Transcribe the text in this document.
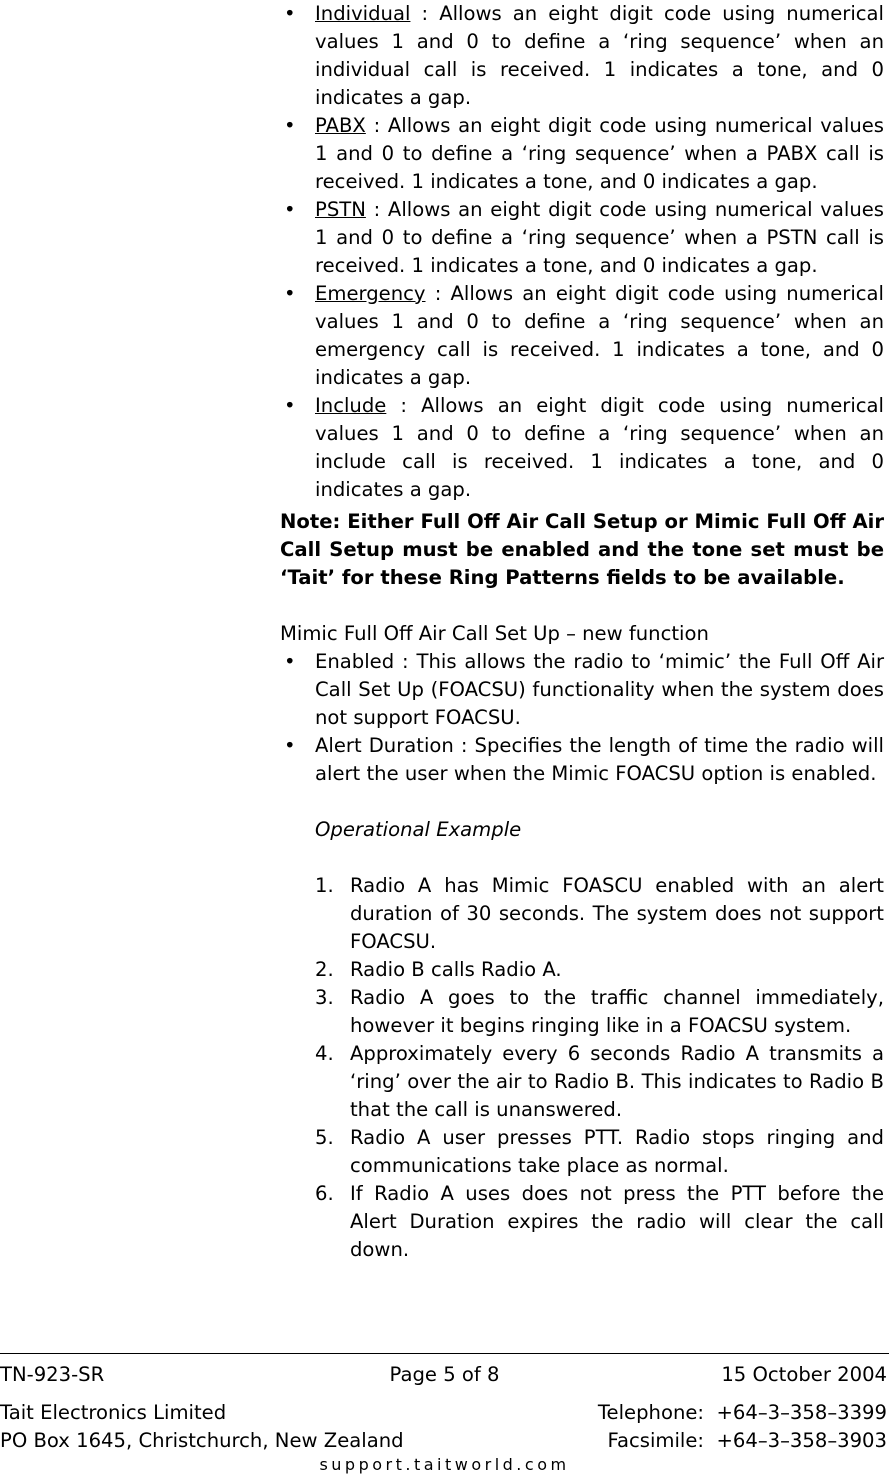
• Individual : Allows an eight digit code using numerical values 1 and 0 to define a ‘ring sequence’ when an individual call is received. 1 indicates a tone, and 0 indicates a gap.
• PABX : Allows an eight digit code using numerical values 1 and 0 to define a ‘ring sequence’ when a PABX call is received. 1 indicates a tone, and 0 indicates a gap.
• PSTN : Allows an eight digit code using numerical values 1 and 0 to define a ‘ring sequence’ when a PSTN call is received. 1 indicates a tone, and 0 indicates a gap.
• Emergency : Allows an eight digit code using numerical values 1 and 0 to define a ‘ring sequence’ when an emergency call is received. 1 indicates a tone, and 0 indicates a gap.
• Include : Allows an eight digit code using numerical values 1 and 0 to define a ‘ring sequence’ when an include call is received. 1 indicates a tone, and 0 indicates a gap.
Note: Either Full Off Air Call Setup or Mimic Full Off Air Call Setup must be enabled and the tone set must be ‘Tait’ for these Ring Patterns fields to be available.
Mimic Full Off Air Call Set Up – new function
• Enabled : This allows the radio to ‘mimic’ the Full Off Air Call Set Up (FOACSU) functionality when the system does not support FOACSU.
• Alert Duration : Specifies the length of time the radio will alert the user when the Mimic FOACSU option is enabled.
Operational Example
1. Radio A has Mimic FOASCU enabled with an alert duration of 30 seconds. The system does not support FOACSU.
2. Radio B calls Radio A.
3. Radio A goes to the traffic channel immediately, however it begins ringing like in a FOACSU system.
4. Approximately every 6 seconds Radio A transmits a ‘ring’ over the air to Radio B. This indicates to Radio B that the call is unanswered.
5. Radio A user presses PTT. Radio stops ringing and communications take place as normal.
6. If Radio A uses does not press the PTT before the Alert Duration expires the radio will clear the call down.
TN-923-SR	Page 5 of 8	15 October 2004
Tait Electronics Limited
PO Box 1645, Christchurch, New Zealand
Telephone: +64–3–358–3399
Facsimile: +64–3–358–3903
support.taitworld.com
